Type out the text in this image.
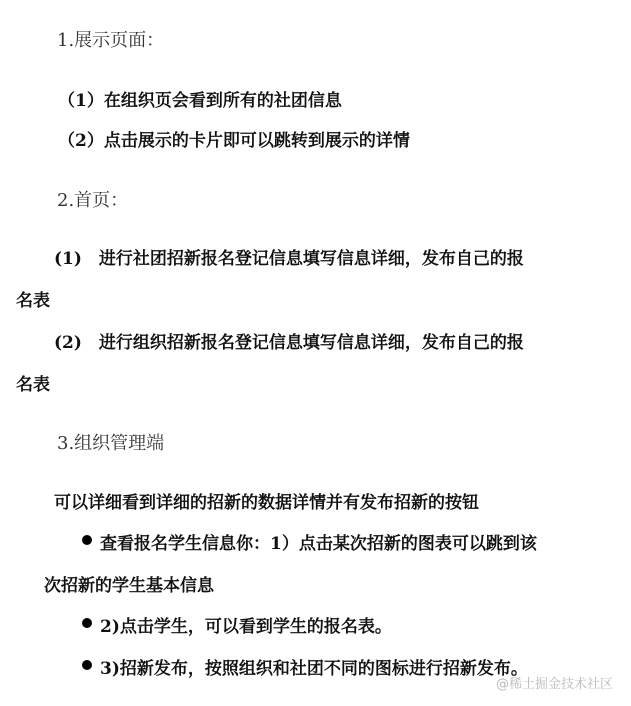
1.展示页面：
（1）在组织页会看到所有的社团信息
（2）点击展示的卡片即可以跳转到展示的详情
2.首页：
(1)　进行社团招新报名登记信息填写信息详细，发布自己的报
名表
(2)　进行组织招新报名登记信息填写信息详细，发布自己的报
名表
3.组织管理端
可以详细看到详细的招新的数据详情并有发布招新的按钮
查看报名学生信息你：1）点击某次招新的图表可以跳到该
次招新的学生基本信息
2)点击学生，可以看到学生的报名表。
3)招新发布，按照组织和社团不同的图标进行招新发布。
@稀土掘金技术社区
